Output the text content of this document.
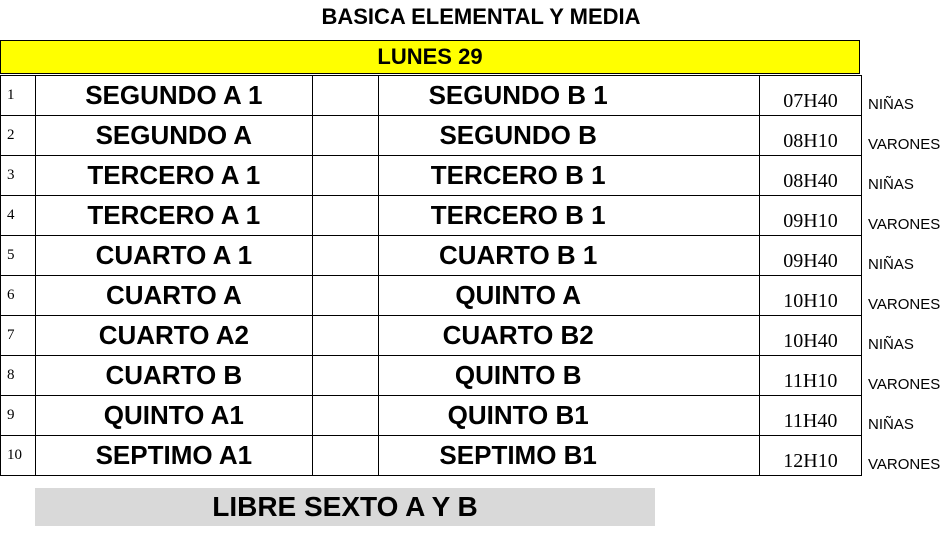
BASICA ELEMENTAL Y MEDIA
LUNES 29
1	SEGUNDO A 1		SEGUNDO B 1		07H40	NIÑAS
2	SEGUNDO A		SEGUNDO B		08H10	VARONES
3	TERCERO A 1		TERCERO B 1		08H40	NIÑAS
4	TERCERO A 1		TERCERO B 1		09H10	VARONES
5	CUARTO A 1		CUARTO B 1		09H40	NIÑAS
6	CUARTO A		QUINTO A		10H10	VARONES
7	CUARTO A2		CUARTO B2		10H40	NIÑAS
8	CUARTO B		QUINTO B		11H10	VARONES
9	QUINTO A1		QUINTO B1		11H40	NIÑAS
10	SEPTIMO A1		SEPTIMO B1		12H10	VARONES
LIBRE SEXTO A Y B
